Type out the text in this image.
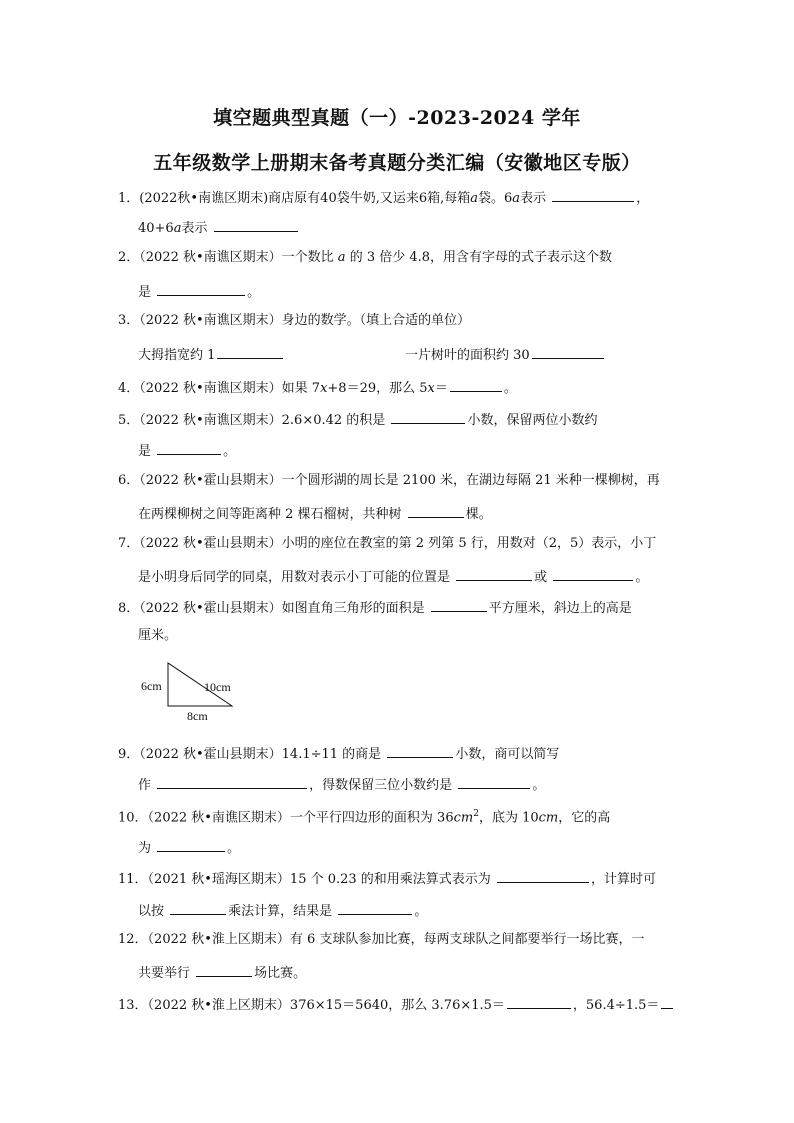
填空题典型真题（一）-2023-2024 学年
五年级数学上册期末备考真题分类汇编（安徽地区专版）
1．(2022秋•南谯区期末)商店原有40袋牛奶,又运来6箱,每箱a袋。6a表示	，
40+6a表示
2．（2022 秋•南谯区期末）一个数比 a 的 3 倍少 4.8，用含有字母的式子表示这个数
是	。
3．（2022 秋•南谯区期末）身边的数学。（填上合适的单位）
大拇指宽约 1	一片树叶的面积约 30
4．（2022 秋•南谯区期末）如果 7x+8＝29，那么 5x＝	。
5．（2022 秋•南谯区期末）2.6×0.42 的积是	小数，保留两位小数约
是	。
6．（2022 秋•霍山县期末）一个圆形湖的周长是 2100 米，在湖边每隔 21 米种一棵柳树，再
在两棵柳树之间等距离种 2 棵石榴树，共种树	棵。
7．（2022 秋•霍山县期末）小明的座位在教室的第 2 列第 5 行，用数对（2，5）表示，小丁
是小明身后同学的同桌，用数对表示小丁可能的位置是	或	。
8．（2022 秋•霍山县期末）如图直角三角形的面积是	平方厘米，斜边上的高是
厘米。
6cm	10cm
8cm
9．（2022 秋•霍山县期末）14.1÷11 的商是	小数，商可以简写
作	，得数保留三位小数约是	。
10．（2022 秋•南谯区期末）一个平行四边形的面积为 $36cm^2$，底为 10cm，它的高
为	。
11．（2021 秋•瑶海区期末）15 个 0.23 的和用乘法算式表示为	，计算时可
以按	乘法计算，结果是	。
12．（2022 秋•淮上区期末）有 6 支球队参加比赛，每两支球队之间都要举行一场比赛，一
共要举行	场比赛。
13．（2022 秋•淮上区期末）376×15＝5640，那么 3.76×1.5＝	，56.4÷1.5＝
